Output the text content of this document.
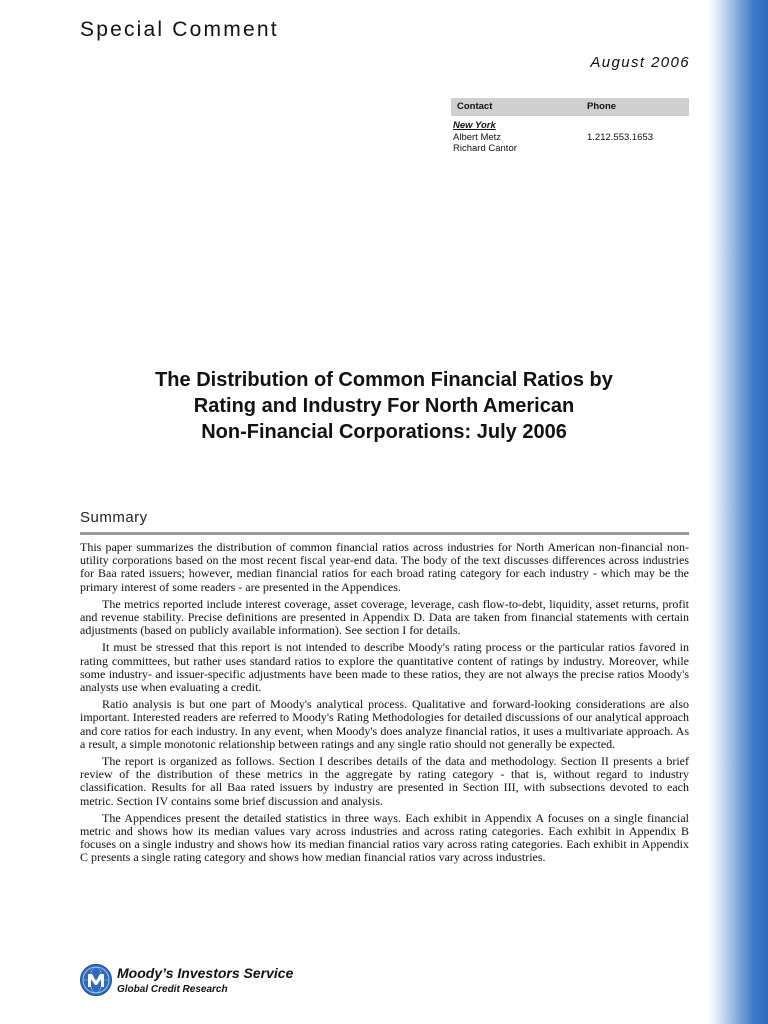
Special Comment
August 2006
Contact	Phone
New York
Albert Metz
Richard Cantor
1.212.553.1653
The Distribution of Common Financial Ratios by
Rating and Industry For North American
Non-Financial Corporations: July 2006
Summary

This paper summarizes the distribution of common financial ratios across industries for North American non-financial non-utility corporations based on the most recent fiscal year-end data. The body of the text discusses differences across industries for Baa rated issuers; however, median financial ratios for each broad rating category for each industry - which may be the primary interest of some readers - are presented in the Appendices.

The metrics reported include interest coverage, asset coverage, leverage, cash flow-to-debt, liquidity, asset returns, profit and revenue stability. Precise definitions are presented in Appendix D. Data are taken from financial statements with certain adjustments (based on publicly available information). See section I for details.

It must be stressed that this report is not intended to describe Moody's rating process or the particular ratios favored in rating committees, but rather uses standard ratios to explore the quantitative content of ratings by industry. Moreover, while some industry- and issuer-specific adjustments have been made to these ratios, they are not always the precise ratios Moody's analysts use when evaluating a credit.

Ratio analysis is but one part of Moody's analytical process. Qualitative and forward-looking considerations are also important. Interested readers are referred to Moody's Rating Methodologies for detailed discussions of our analytical approach and core ratios for each industry. In any event, when Moody's does analyze financial ratios, it uses a multivariate approach. As a result, a simple monotonic relationship between ratings and any single ratio should not generally be expected.

The report is organized as follows. Section I describes details of the data and methodology. Section II presents a brief review of the distribution of these metrics in the aggregate by rating category - that is, without regard to industry classification. Results for all Baa rated issuers by industry are presented in Section III, with subsections devoted to each metric. Section IV contains some brief discussion and analysis.

The Appendices present the detailed statistics in three ways. Each exhibit in Appendix A focuses on a single financial metric and shows how its median values vary across industries and across rating categories. Each exhibit in Appendix B focuses on a single industry and shows how its median financial ratios vary across rating categories. Each exhibit in Appendix C presents a single rating category and shows how median financial ratios vary across industries.

Moody’s Investors Service
Global Credit Research
